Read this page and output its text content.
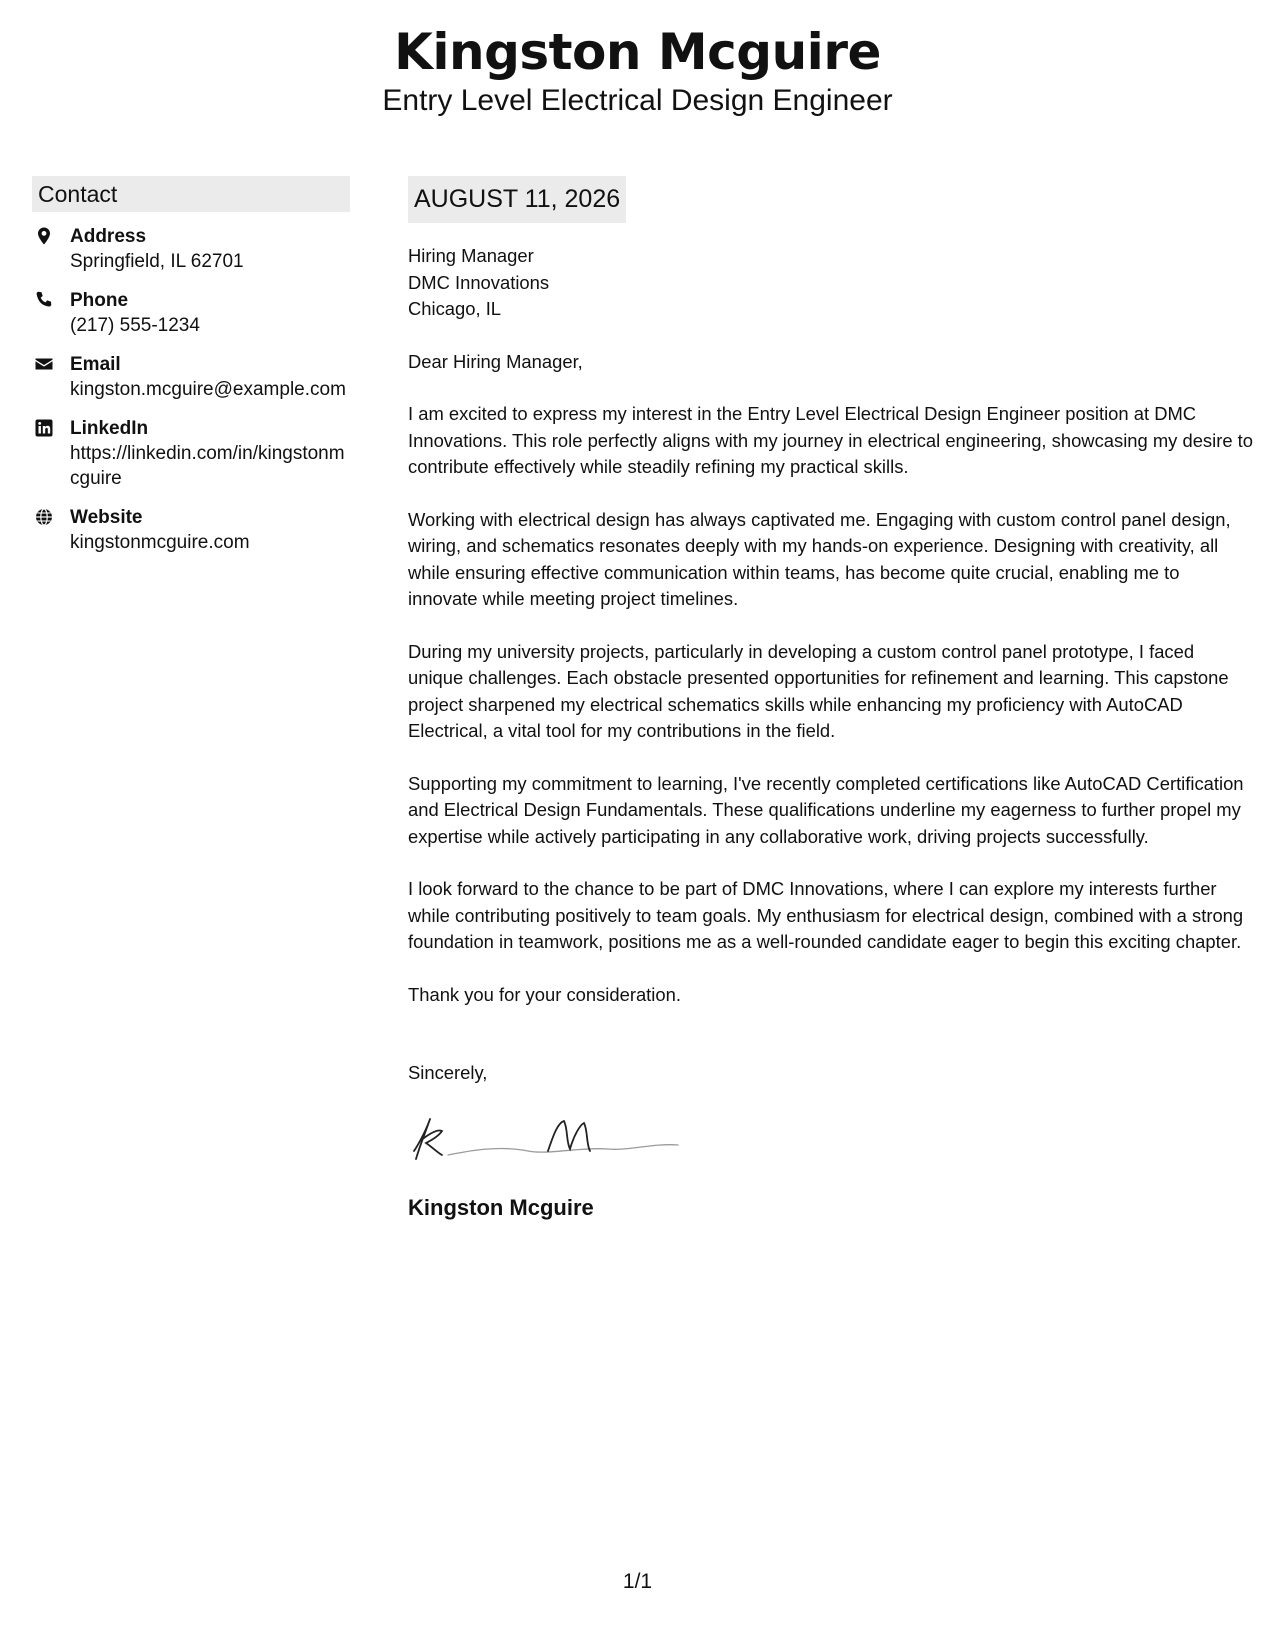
Kingston Mcguire
Entry Level Electrical Design Engineer
Contact
Address
Springfield, IL 62701
Phone
(217) 555-1234
Email
kingston.mcguire@example.com
LinkedIn
https://linkedin.com/in/kingstonmcguire
Website
kingstonmcguire.com
AUGUST 11, 2026
Hiring Manager
DMC Innovations
Chicago, IL
Dear Hiring Manager,
I am excited to express my interest in the Entry Level Electrical Design Engineer position at DMC Innovations. This role perfectly aligns with my journey in electrical engineering, showcasing my desire to contribute effectively while steadily refining my practical skills.
Working with electrical design has always captivated me. Engaging with custom control panel design, wiring, and schematics resonates deeply with my hands-on experience. Designing with creativity, all while ensuring effective communication within teams, has become quite crucial, enabling me to innovate while meeting project timelines.
During my university projects, particularly in developing a custom control panel prototype, I faced unique challenges. Each obstacle presented opportunities for refinement and learning. This capstone project sharpened my electrical schematics skills while enhancing my proficiency with AutoCAD Electrical, a vital tool for my contributions in the field.
Supporting my commitment to learning, I've recently completed certifications like AutoCAD Certification and Electrical Design Fundamentals. These qualifications underline my eagerness to further propel my expertise while actively participating in any collaborative work, driving projects successfully.
I look forward to the chance to be part of DMC Innovations, where I can explore my interests further while contributing positively to team goals. My enthusiasm for electrical design, combined with a strong foundation in teamwork, positions me as a well-rounded candidate eager to begin this exciting chapter.
Thank you for your consideration.
Sincerely,
Kingston Mcguire
1/1
